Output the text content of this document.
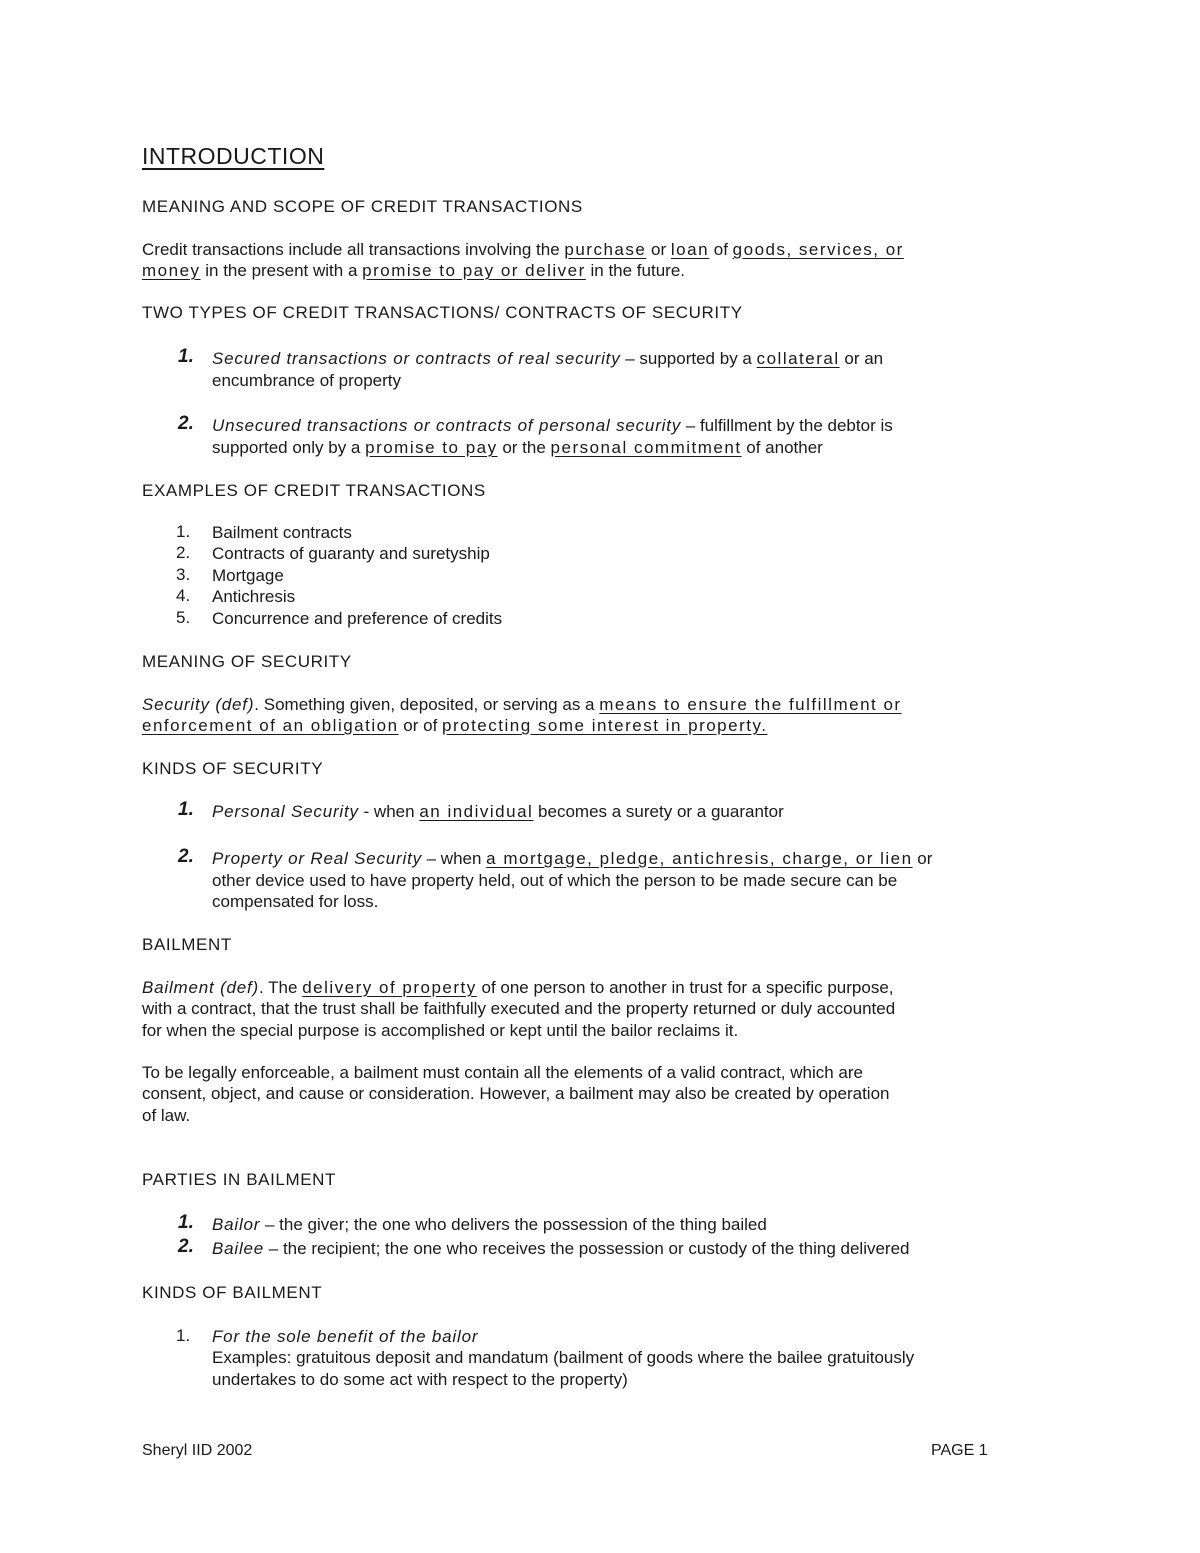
INTRODUCTION
MEANING AND SCOPE OF CREDIT TRANSACTIONS
Credit transactions include all transactions involving the purchase or loan of goods, services, or
money in the present with a promise to pay or deliver in the future.
TWO TYPES OF CREDIT TRANSACTIONS/ CONTRACTS OF SECURITY
1. Secured transactions or contracts of real security – supported by a collateral or an
encumbrance of property
2. Unsecured transactions or contracts of personal security – fulfillment by the debtor is
supported only by a promise to pay or the personal commitment of another
EXAMPLES OF CREDIT TRANSACTIONS
1. Bailment contracts
2. Contracts of guaranty and suretyship
3. Mortgage
4. Antichresis
5. Concurrence and preference of credits
MEANING OF SECURITY
Security (def). Something given, deposited, or serving as a means to ensure the fulfillment or
enforcement of an obligation or of protecting some interest in property.
KINDS OF SECURITY
1. Personal Security - when an individual becomes a surety or a guarantor
2. Property or Real Security – when a mortgage, pledge, antichresis, charge, or lien or
other device used to have property held, out of which the person to be made secure can be
compensated for loss.
BAILMENT
Bailment (def). The delivery of property of one person to another in trust for a specific purpose,
with a contract, that the trust shall be faithfully executed and the property returned or duly accounted
for when the special purpose is accomplished or kept until the bailor reclaims it.
To be legally enforceable, a bailment must contain all the elements of a valid contract, which are
consent, object, and cause or consideration. However, a bailment may also be created by operation
of law.
PARTIES IN BAILMENT
1. Bailor – the giver; the one who delivers the possession of the thing bailed
2. Bailee – the recipient; the one who receives the possession or custody of the thing delivered
KINDS OF BAILMENT
1. For the sole benefit of the bailor
Examples: gratuitous deposit and mandatum (bailment of goods where the bailee gratuitously
undertakes to do some act with respect to the property)
Sheryl IID 2002	PAGE 1
